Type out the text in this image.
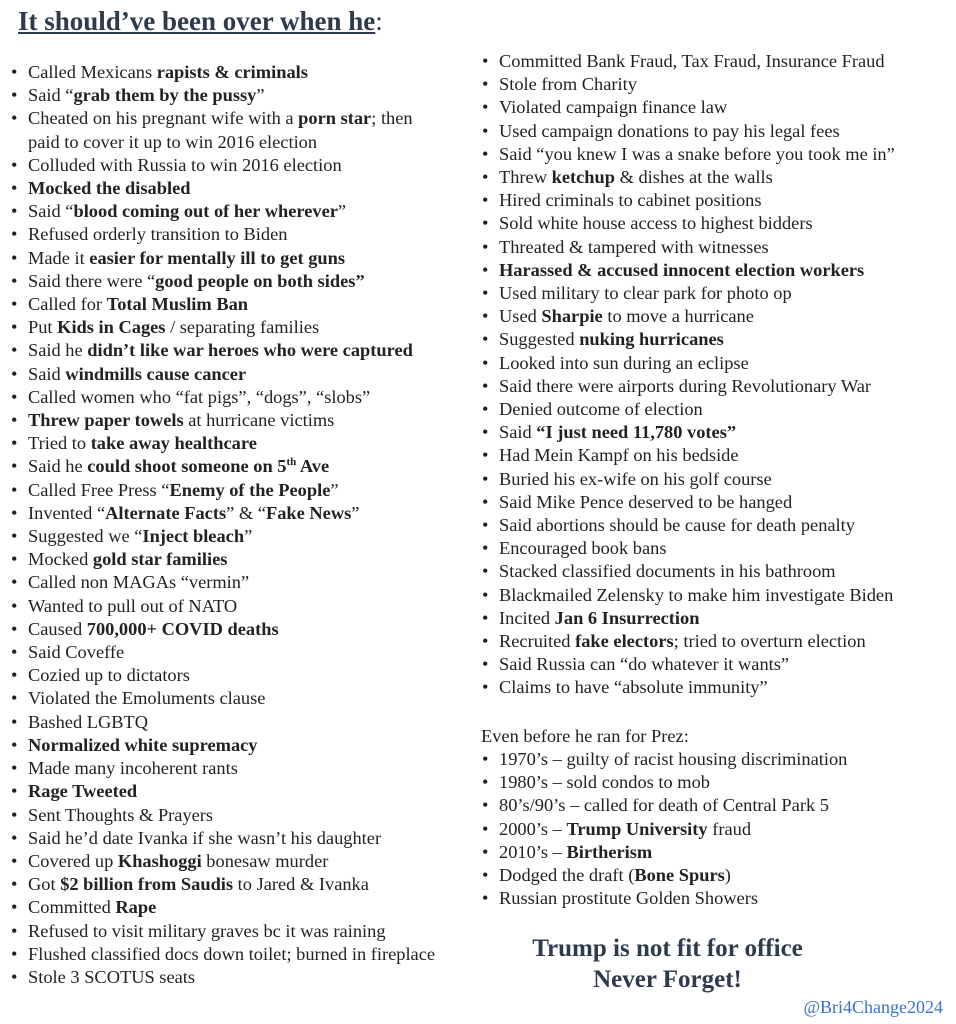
It should’ve been over when he:
• Called Mexicans rapists & criminals
• Said “grab them by the pussy”
• Cheated on his pregnant wife with a porn star; then paid to cover it up to win 2016 election
• Colluded with Russia to win 2016 election
• Mocked the disabled
• Said “blood coming out of her wherever”
• Refused orderly transition to Biden
• Made it easier for mentally ill to get guns
• Said there were “good people on both sides”
• Called for Total Muslim Ban
• Put Kids in Cages / separating families
• Said he didn’t like war heroes who were captured
• Said windmills cause cancer
• Called women who “fat pigs”, “dogs”, “slobs”
• Threw paper towels at hurricane victims
• Tried to take away healthcare
• Said he could shoot someone on 5th Ave
• Called Free Press “Enemy of the People”
• Invented “Alternate Facts” & “Fake News”
• Suggested we “Inject bleach”
• Mocked gold star families
• Called non MAGAs “vermin”
• Wanted to pull out of NATO
• Caused 700,000+ COVID deaths
• Said Coveffe
• Cozied up to dictators
• Violated the Emoluments clause
• Bashed LGBTQ
• Normalized white supremacy
• Made many incoherent rants
• Rage Tweeted
• Sent Thoughts & Prayers
• Said he’d date Ivanka if she wasn’t his daughter
• Covered up Khashoggi bonesaw murder
• Got $2 billion from Saudis to Jared & Ivanka
• Committed Rape
• Refused to visit military graves bc it was raining
• Flushed classified docs down toilet; burned in fireplace
• Stole 3 SCOTUS seats
• Committed Bank Fraud, Tax Fraud, Insurance Fraud
• Stole from Charity
• Violated campaign finance law
• Used campaign donations to pay his legal fees
• Said “you knew I was a snake before you took me in”
• Threw ketchup & dishes at the walls
• Hired criminals to cabinet positions
• Sold white house access to highest bidders
• Threated & tampered with witnesses
• Harassed & accused innocent election workers
• Used military to clear park for photo op
• Used Sharpie to move a hurricane
• Suggested nuking hurricanes
• Looked into sun during an eclipse
• Said there were airports during Revolutionary War
• Denied outcome of election
• Said “I just need 11,780 votes”
• Had Mein Kampf on his bedside
• Buried his ex-wife on his golf course
• Said Mike Pence deserved to be hanged
• Said abortions should be cause for death penalty
• Encouraged book bans
• Stacked classified documents in his bathroom
• Blackmailed Zelensky to make him investigate Biden
• Incited Jan 6 Insurrection
• Recruited fake electors; tried to overturn election
• Said Russia can “do whatever it wants”
• Claims to have “absolute immunity”
Even before he ran for Prez:
• 1970’s – guilty of racist housing discrimination
• 1980’s – sold condos to mob
• 80’s/90’s – called for death of Central Park 5
• 2000’s – Trump University fraud
• 2010’s – Birtherism
• Dodged the draft (Bone Spurs)
• Russian prostitute Golden Showers
Trump is not fit for office
Never Forget!
@Bri4Change2024
